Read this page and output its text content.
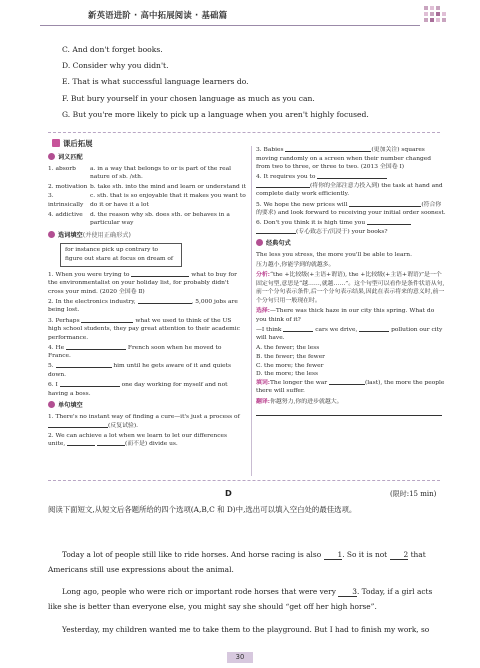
新英语进阶 · 高中拓展阅读 · 基础篇
C. And don't forget books.
D. Consider why you didn't.
E. That is what successful language learners do.
F. But bury yourself in your chosen language as much as you can.
G. But you're more likely to pick up a language when you aren't highly focused.
课后拓展
词义匹配
1. absorb	a. in a way that belongs to or is part of the real nature of sb. /sth.
2. motivation b. take sth. into the mind and learn or understand it
3. intrinsically
c. sth. that is so enjoyable that it makes you want to do it or have it a lot
4. addictive	d. the reason why sb. does sth. or behaves in a particular way
选词填空(并使用正确形式)
for instance pick up contrary to
figure out stare at focus on dream of
1. When you were trying to	what to buy for the environmentalist on your holiday list, for probably didn't cross your mind. (2020 全国卷 Ⅱ)
2. In the electronics industry,	, 5,000 jobs are being lost.
3. Perhaps	what we used to think of the US high school students, they pay great attention to their academic performance.
4. He	French soon when he moved to France.
5.	him until he gets aware of it and quiets down.
6. I	one day working for myself and not having a boss.
单句填空
1. There's no instant way of finding a cure—it's just a process of (反复试验).
2. We can achieve a lot when we learn to let our differences unite,	(而不是) divide us.
3. Babies	(更加关注) squares moving randomly on a screen when their number changed from two to three, or three to two. (2013 全国卷 Ⅰ)
4. It requires you to
(将你的全部注意力投入到) the task at hand and complete daily work efficiently.
5. We hope the new prices will	(符合你的要求) and look forward to receiving your initial order soonest.
6. Don't you think it is high time you  (专心致志于/沉浸于) your books?
经典句式
The less you stress, the more you'll be able to learn.
压力越小,你能学到的就越多。
分析:“the +比较级(+主语+谓语), the +比较级(+主语+谓语)”是一个固定句型,意思是“越……,就越……”。这个句型可以看作是条件状语从句,前一个分句表示条件,后一个分句表示结果,因此在表示将来的意义时,前一个分句只用一般现在时。
选择:—There was thick haze in our city this spring. What do you think of it?
—I think	cars we drive,	pollution our city will have.
A. the fewer; the less
B. the fewer; the fewer
C. the more; the fewer
D. the more; the less
填词:The longer the war	(last), the more the people there will suffer.
翻译:你越努力,你的进步就越大。
D	(限时:15 min)
阅读下面短文,从短文后各题所给的四个选项(A,B,C 和 D)中,选出可以填入空白处的最佳选项。
Today a lot of people still like to ride horses. And horse racing is also 1. So it is not 2 that Americans still use expressions about the animal.
Long ago, people who were rich or important rode horses that were very 3. Today, if a girl acts like she is better than everyone else, you might say she should “get off her high horse”.
Yesterday, my children wanted me to take them to the playground. But I had to finish my work, so
30
